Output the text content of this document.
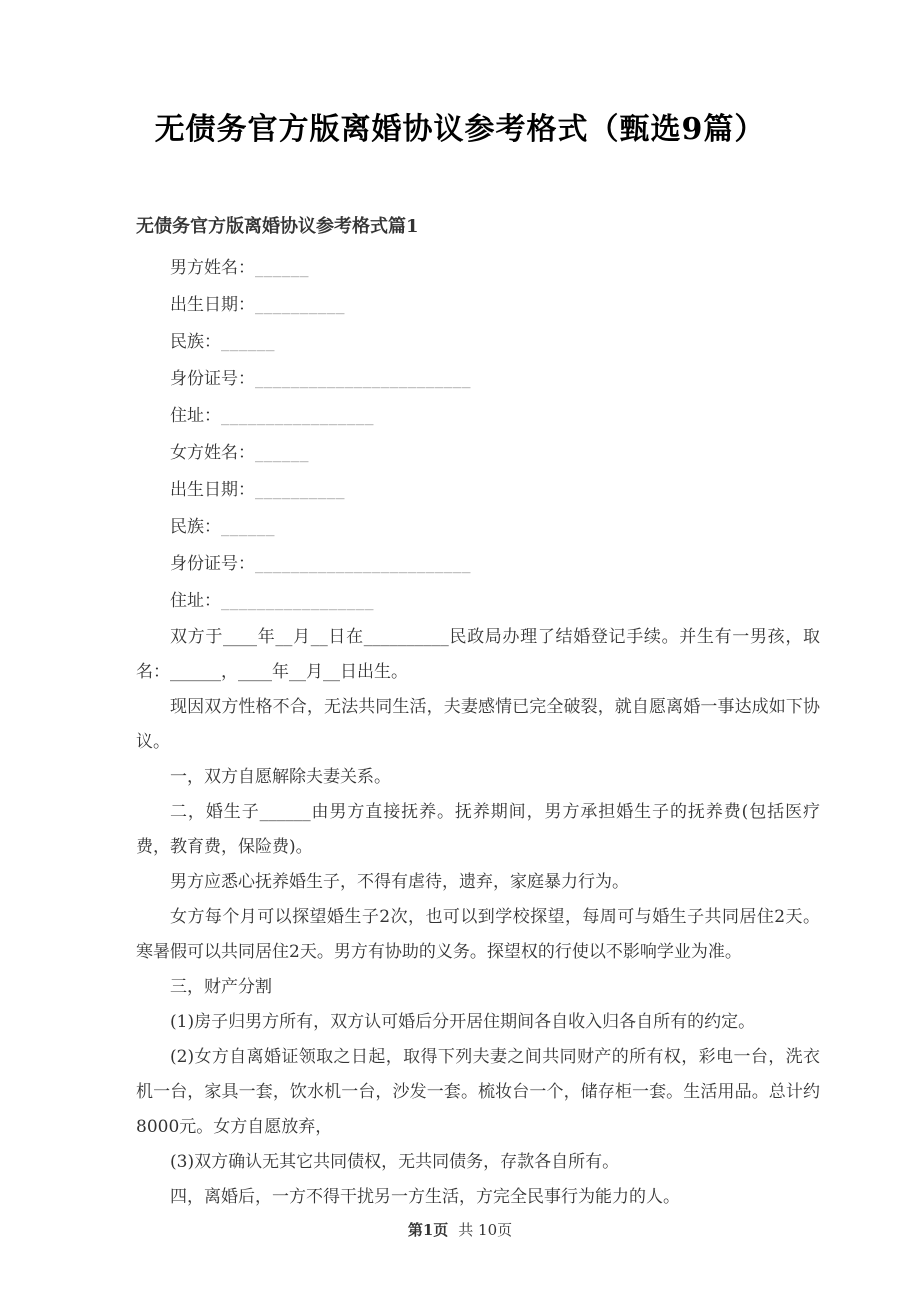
无债务官方版离婚协议参考格式（甄选9篇）
无债务官方版离婚协议参考格式篇1

男方姓名：______

出生日期：__________

民族：______

身份证号：________________________

住址：_________________

女方姓名：______

出生日期：__________

民族：______

身份证号：________________________

住址：_________________

双方于____年__月__日在__________民政局办理了结婚登记手续。并生有一男孩，取名：______，____年__月__日出生。

现因双方性格不合，无法共同生活，夫妻感情已完全破裂，就自愿离婚一事达成如下协议。

一，双方自愿解除夫妻关系。

二，婚生子______由男方直接抚养。抚养期间，男方承担婚生子的抚养费(包括医疗费，教育费，保险费)。

男方应悉心抚养婚生子，不得有虐待，遗弃，家庭暴力行为。

女方每个月可以探望婚生子2次，也可以到学校探望，每周可与婚生子共同居住2天。寒暑假可以共同居住2天。男方有协助的义务。探望权的行使以不影响学业为准。

三，财产分割

(1)房子归男方所有，双方认可婚后分开居住期间各自收入归各自所有的约定。

(2)女方自离婚证领取之日起，取得下列夫妻之间共同财产的所有权，彩电一台，洗衣机一台，家具一套，饮水机一台，沙发一套。梳妆台一个，储存柜一套。生活用品。总计约8000元。女方自愿放弃，

(3)双方确认无其它共同债权，无共同债务，存款各自所有。

四，离婚后，一方不得干扰另一方生活，方完全民事行为能力的人。

第1页 共 10页
